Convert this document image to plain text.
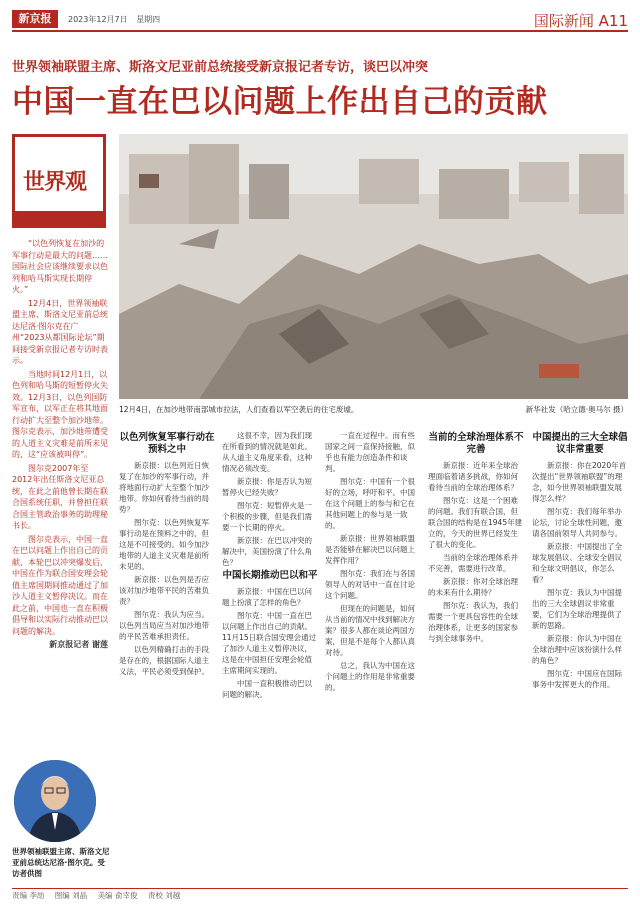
新京报	2023年12月7日 星期四	国际新闻 A11
世界领袖联盟主席、斯洛文尼亚前总统接受新京报记者专访，谈巴以冲突
中国一直在巴以问题上作出自己的贡献
世界观

“以色列恢复在加沙的军事行动是最大的问题……国际社会应该继续要求以色列和哈马斯实现长期停火。”

12月4日，世界领袖联盟主席、斯洛文尼亚前总统达尼洛·图尔克在广州“2023从都国际论坛”期间接受新京报记者专访时表示。

当地时间12月1日，以色列和哈马斯的短暂停火失效。12月3日，以色列国防军宣布，以军正在将其地面行动扩大至整个加沙地带。图尔克表示，加沙地带遭受的人道主义灾难是前所未见的，这“应该被叫停”。

图尔克2007年至2012年出任斯洛文尼亚总统，在此之前他曾长期在联合国系统任职，并曾担任联合国主管政治事务的助理秘书长。

图尔克表示，中国一直在巴以问题上作出自己的贡献，本轮巴以冲突爆发后，中国在作为联合国安理会轮值主席国期间推动通过了加沙人道主义暂停决议。而在此之前，中国也一直在积极倡导和以实际行动推动巴以问题的解决。

新京报记者 谢莲

世界领袖联盟主席、斯洛文尼亚前总统达尼洛·图尔克。受访者供图
12月4日，在加沙地带南部城市拉法，人们查看以军空袭后的住宅废墟。	新华社发（哈立德·奥马尔 摄）
以色列恢复军事行动在预料之中

新京报：以色列近日恢复了在加沙的军事行动，并将地面行动扩大至整个加沙地带。你如何看待当前的局势？

图尔克：以色列恢复军事行动是在预料之中的，但这是不可接受的。如今加沙地带的人道主义灾难是前所未见的。

新京报：以色列是否应该对加沙地带平民的苦难负责？

图尔克：我认为应当。以色列当局应当对加沙地带的平民苦难承担责任。

以色列精确打击的手段是存在的，根据国际人道主义法，平民必须受到保护。

这很不幸，因为我们现在所看到的情况就是如此。从人道主义角度来看，这种情况必须改变。

新京报：你是否认为短暂停火已经失败？

图尔克：短暂停火是一个积极的步骤，但是我们需要一个长期的停火。

新京报：在巴以冲突的解决中，美国扮演了什么角色？

中国长期推动巴以和平

新京报：中国在巴以问题上扮演了怎样的角色？

图尔克：中国一直在巴以问题上作出自己的贡献。11月15日联合国安理会通过了加沙人道主义暂停决议，这是在中国担任安理会轮值主席期间实现的。

中国一直积极推动巴以问题的解决。

一直在过程中。而有些国家之间一直保持接触，似乎也有能力创造条件和谈判。

图尔克：中国有一个很好的立场，呼吁和平。中国在这个问题上的参与和它在其他问题上的参与是一致的。

新京报：世界领袖联盟是否能够在解决巴以问题上发挥作用？

图尔克：我们在与各国领导人的对话中一直在讨论这个问题。

但现在的问题是，如何从当前的情况中找到解决方案？很多人都在谈论两国方案，但是不是每个人都认真对待。

总之，我认为中国在这个问题上的作用是非常重要的。

当前的全球治理体系不完善

新京报：近年来全球治理面临着诸多挑战，你如何看待当前的全球治理体系？

图尔克：这是一个困难的问题。我们有联合国，但联合国的结构是在1945年建立的，今天的世界已经发生了很大的变化。

当前的全球治理体系并不完善，需要进行改革。

新京报：你对全球治理的未来有什么期待？

图尔克：我认为，我们需要一个更具包容性的全球治理体系，让更多的国家参与到全球事务中。

中国提出的三大全球倡议非常重要

新京报：你在2020年首次提出“世界领袖联盟”的理念，如今世界领袖联盟发展得怎么样？

图尔克：我们每年举办论坛，讨论全球性问题，邀请各国前领导人共同参与。

新京报：中国提出了全球发展倡议、全球安全倡议和全球文明倡议，你怎么看？

图尔克：我认为中国提出的三大全球倡议非常重要，它们为全球治理提供了新的思路。

新京报：你认为中国在全球治理中应该扮演什么样的角色？

图尔克：中国应在国际事务中发挥更大的作用。

责编 李劼 图编 刘晶 美编 俞幸俊 责校 刘越
